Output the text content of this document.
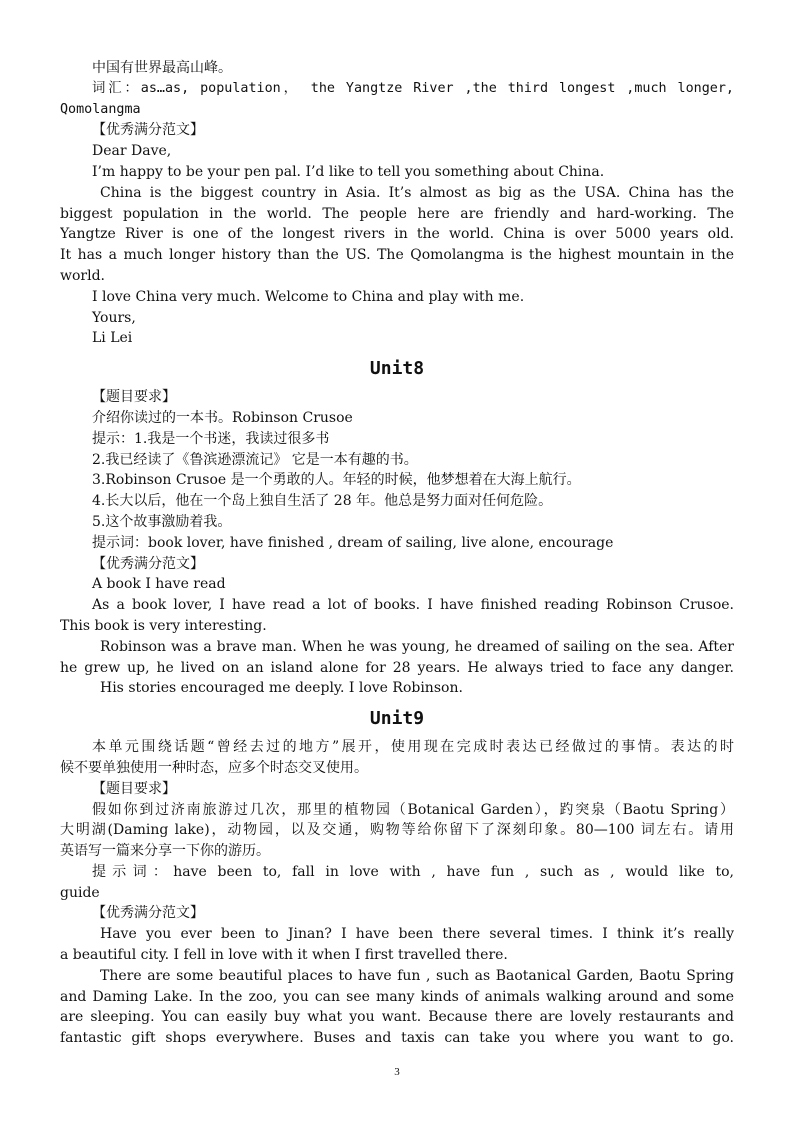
中国有世界最高山峰。
词汇：as…as, population， the Yangtze River ,the third longest ,much longer,
Qomolangma
【优秀满分范文】
Dear Dave,
I’m happy to be your pen pal. I’d like to tell you something about China.
China is the biggest country in Asia. It’s almost as big as the USA. China has the
biggest population in the world. The people here are friendly and hard-working. The
Yangtze River is one of the longest rivers in the world. China is over 5000 years old.
It has a much longer history than the US. The Qomolangma is the highest mountain in the
world.
I love China very much. Welcome to China and play with me.
Yours,
Li Lei
Unit8
【题目要求】
介绍你读过的一本书。Robinson Crusoe
提示：1.我是一个书迷，我读过很多书
2.我已经读了《鲁滨逊漂流记》 它是一本有趣的书。
3.Robinson Crusoe 是一个勇敢的人。年轻的时候，他梦想着在大海上航行。
4.长大以后，他在一个岛上独自生活了 28 年。他总是努力面对任何危险。
5.这个故事激励着我。
提示词：book lover, have finished , dream of sailing, live alone, encourage
【优秀满分范文】
A book I have read
As a book lover, I have read a lot of books. I have finished reading Robinson Crusoe.
This book is very interesting.
Robinson was a brave man. When he was young, he dreamed of sailing on the sea. After
he grew up, he lived on an island alone for 28 years. He always tried to face any danger.
His stories encouraged me deeply. I love Robinson.
Unit9
本单元围绕话题“曾经去过的地方”展开，使用现在完成时表达已经做过的事情。表达的时
候不要单独使用一种时态，应多个时态交叉使用。
【题目要求】
假如你到过济南旅游过几次，那里的植物园（Botanical Garden），趵突泉（Baotu Spring）
大明湖(Daming lake)，动物园，以及交通，购物等给你留下了深刻印象。80—100 词左右。请用
英语写一篇来分享一下你的游历。
提示词：have been to, fall in love with , have fun , such as , would like to,
guide
【优秀满分范文】
Have you ever been to Jinan? I have been there several times. I think it’s really
a beautiful city. I fell in love with it when I first travelled there.
There are some beautiful places to have fun , such as Baotanical Garden, Baotu Spring
and Daming Lake. In the zoo, you can see many kinds of animals walking around and some
are sleeping. You can easily buy what you want. Because there are lovely restaurants and
fantastic gift shops everywhere. Buses and taxis can take you where you want to go.
3
